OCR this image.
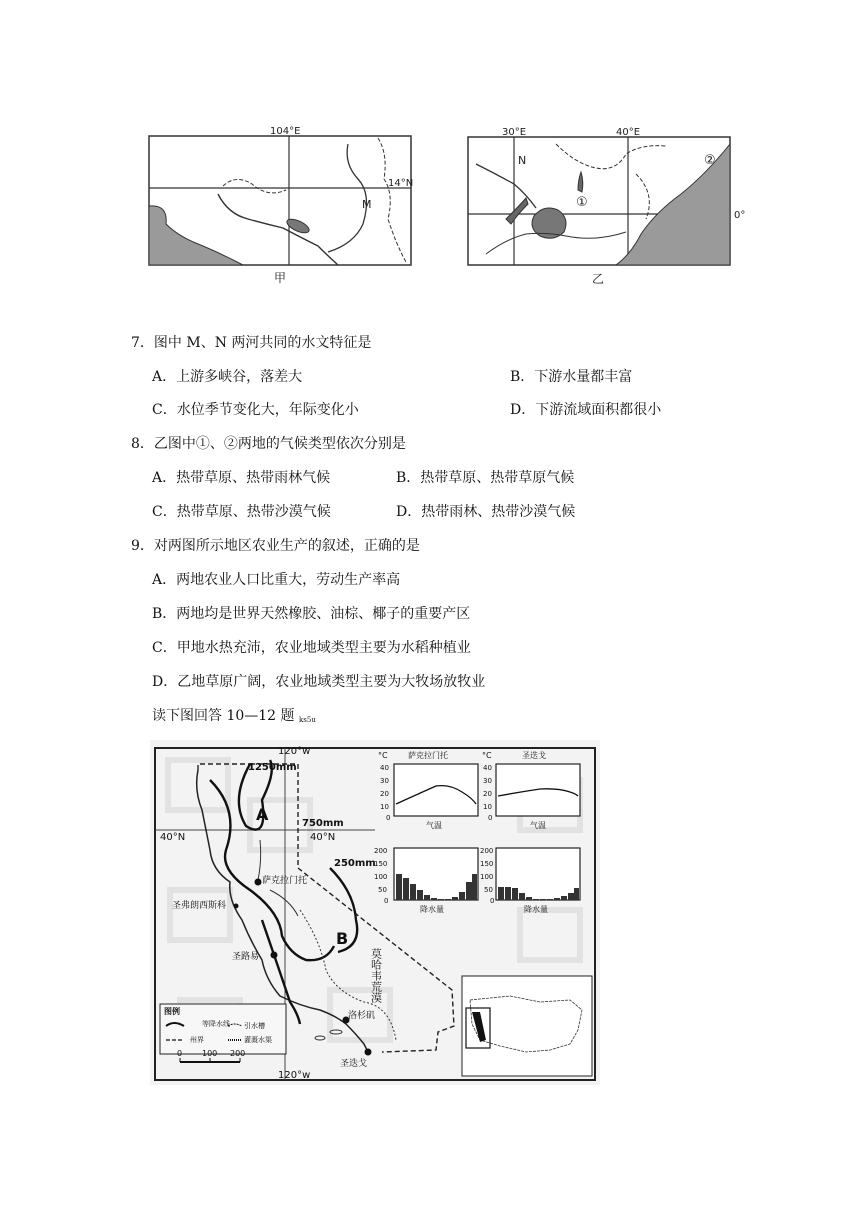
104°E
14°N
M
甲
30°E	40°E
0°
N
①
②
乙
7．图中 M、N 两河共同的水文特征是
A．上游多峡谷，落差大	B．下游水量都丰富
C．水位季节变化大，年际变化小	D．下游流域面积都很小
8．乙图中①、②两地的气候类型依次分别是
A．热带草原、热带雨林气候	B．热带草原、热带草原气候
C．热带草原、热带沙漠气候	D．热带雨林、热带沙漠气候
9．对两图所示地区农业生产的叙述，正确的是
A．两地农业人口比重大，劳动生产率高
B．两地均是世界天然橡胶、油棕、椰子的重要产区
C．甲地水热充沛，农业地域类型主要为水稻种植业
D．乙地草原广阔，农业地域类型主要为大牧场放牧业
读下图回答 10—12 题 ks5u
120°w
120°w
40°N	40°N
1250mm
750mm
250mm
A
B
萨克拉门托
圣弗朗西斯科
圣路易
洛杉矶
圣迭戈
莫哈韦荒漠
图例
等降水线
州界
引水槽
灌溉水渠
0 100 200
°C	萨克拉门托
40
30
20
10
0
气温
200
150
100
50
0
降水量
°C	圣迭戈
40
30
20
10
0
气温
200
150
100
50
0
降水量
